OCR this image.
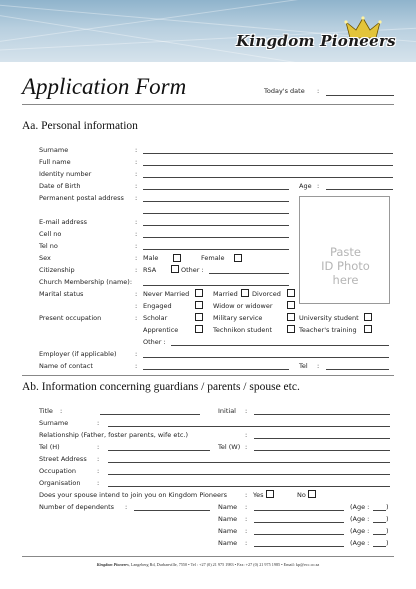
Kingdom Pioneers
Application Form	Today's date :
Aa. Personal information
Surname	:
Full name	:
Identity number	:
Date of Birth	:	Age :
Permanent postal address :
Paste
ID Photo
here
E-mail address	:
Cell no	:
Tel no	:
Sex	: Male	Female
Citizenship	: RSA	Other :
Church Membership (name):
Marital status	: Never Married	Married Divorced
: Engaged	Widow or widower
Present occupation	: Scholar	Military service	University student
Apprentice	Technikon student	Teacher's training
Other :
Employer (if applicable)	:
Name of contact	:	Tel :
Ab. Information concerning guardians / parents / spouse etc.
Title :	Initial :
Surname	:
Relationship (Father, foster parents, wife etc.)	:
Tel (H)	:	Tel (W) :
Street Address :
Occupation	:
Organisation	:
Does your spouse intend to join you on Kingdom Pioneers	: Yes	No
Number of dependents :	Name :	(Age :	)
Name :	(Age :	)
Name :	(Age :	)
Name :	(Age :	)
Kingdom Pioneers, Langeberg Rd, Durbanville, 7550 • Tel : +27 (0) 21 975 1983 • Fax: +27 (0) 21 975 1985 • Email: kp@ecc.co.za
